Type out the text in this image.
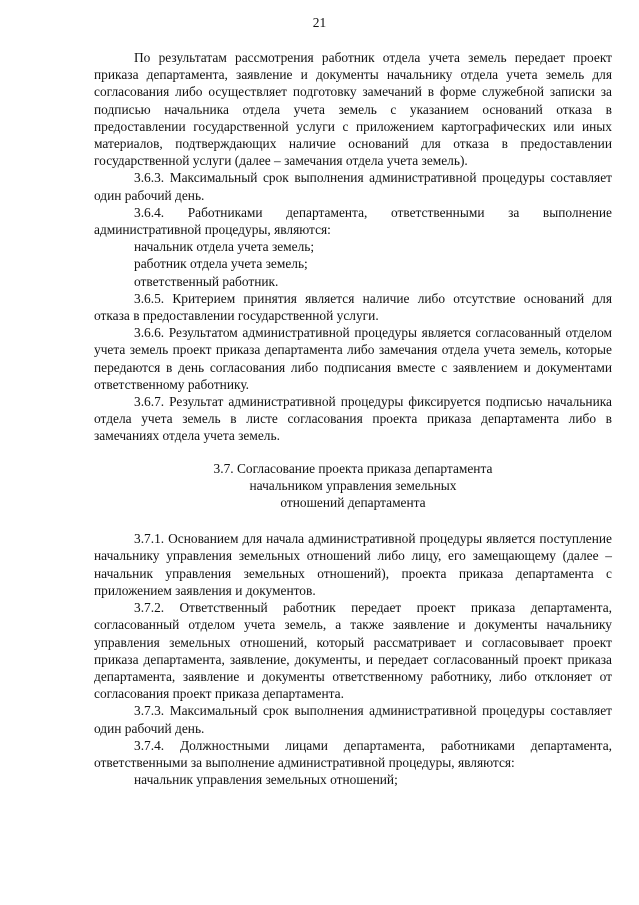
21

По результатам рассмотрения работник отдела учета земель передает проект приказа департамента, заявление и документы начальнику отдела учета земель для согласования либо осуществляет подготовку замечаний в форме служебной записки за подписью начальника отдела учета земель с указанием оснований отказа в предоставлении государственной услуги с приложением картографических или иных материалов, подтверждающих наличие оснований для отказа в предоставлении государственной услуги (далее – замечания отдела учета земель).

3.6.3. Максимальный срок выполнения административной процедуры составляет один рабочий день.

3.6.4. Работниками департамента, ответственными за выполнение административной процедуры, являются:

начальник отдела учета земель;

работник отдела учета земель;

ответственный работник.

3.6.5. Критерием принятия является наличие либо отсутствие оснований для отказа в предоставлении государственной услуги.

3.6.6. Результатом административной процедуры является согласованный отделом учета земель проект приказа департамента либо замечания отдела учета земель, которые передаются в день согласования либо подписания вместе с заявлением и документами ответственному работнику.

3.6.7. Результат административной процедуры фиксируется подписью начальника отдела учета земель в листе согласования проекта приказа департамента либо в замечаниях отдела учета земель.

3.7. Согласование проекта приказа департамента
начальником управления земельных
отношений департамента

3.7.1. Основанием для начала административной процедуры является поступление начальнику управления земельных отношений либо лицу, его замещающему (далее – начальник управления земельных отношений), проекта приказа департамента с приложением заявления и документов.

3.7.2. Ответственный работник передает проект приказа департамента, согласованный отделом учета земель, а также заявление и документы начальнику управления земельных отношений, который рассматривает и согласовывает проект приказа департамента, заявление, документы, и передает согласованный проект приказа департамента, заявление и документы ответственному работнику, либо отклоняет от согласования проект приказа департамента.

3.7.3. Максимальный срок выполнения административной процедуры составляет один рабочий день.

3.7.4. Должностными лицами департамента, работниками департамента, ответственными за выполнение административной процедуры, являются:

начальник управления земельных отношений;
